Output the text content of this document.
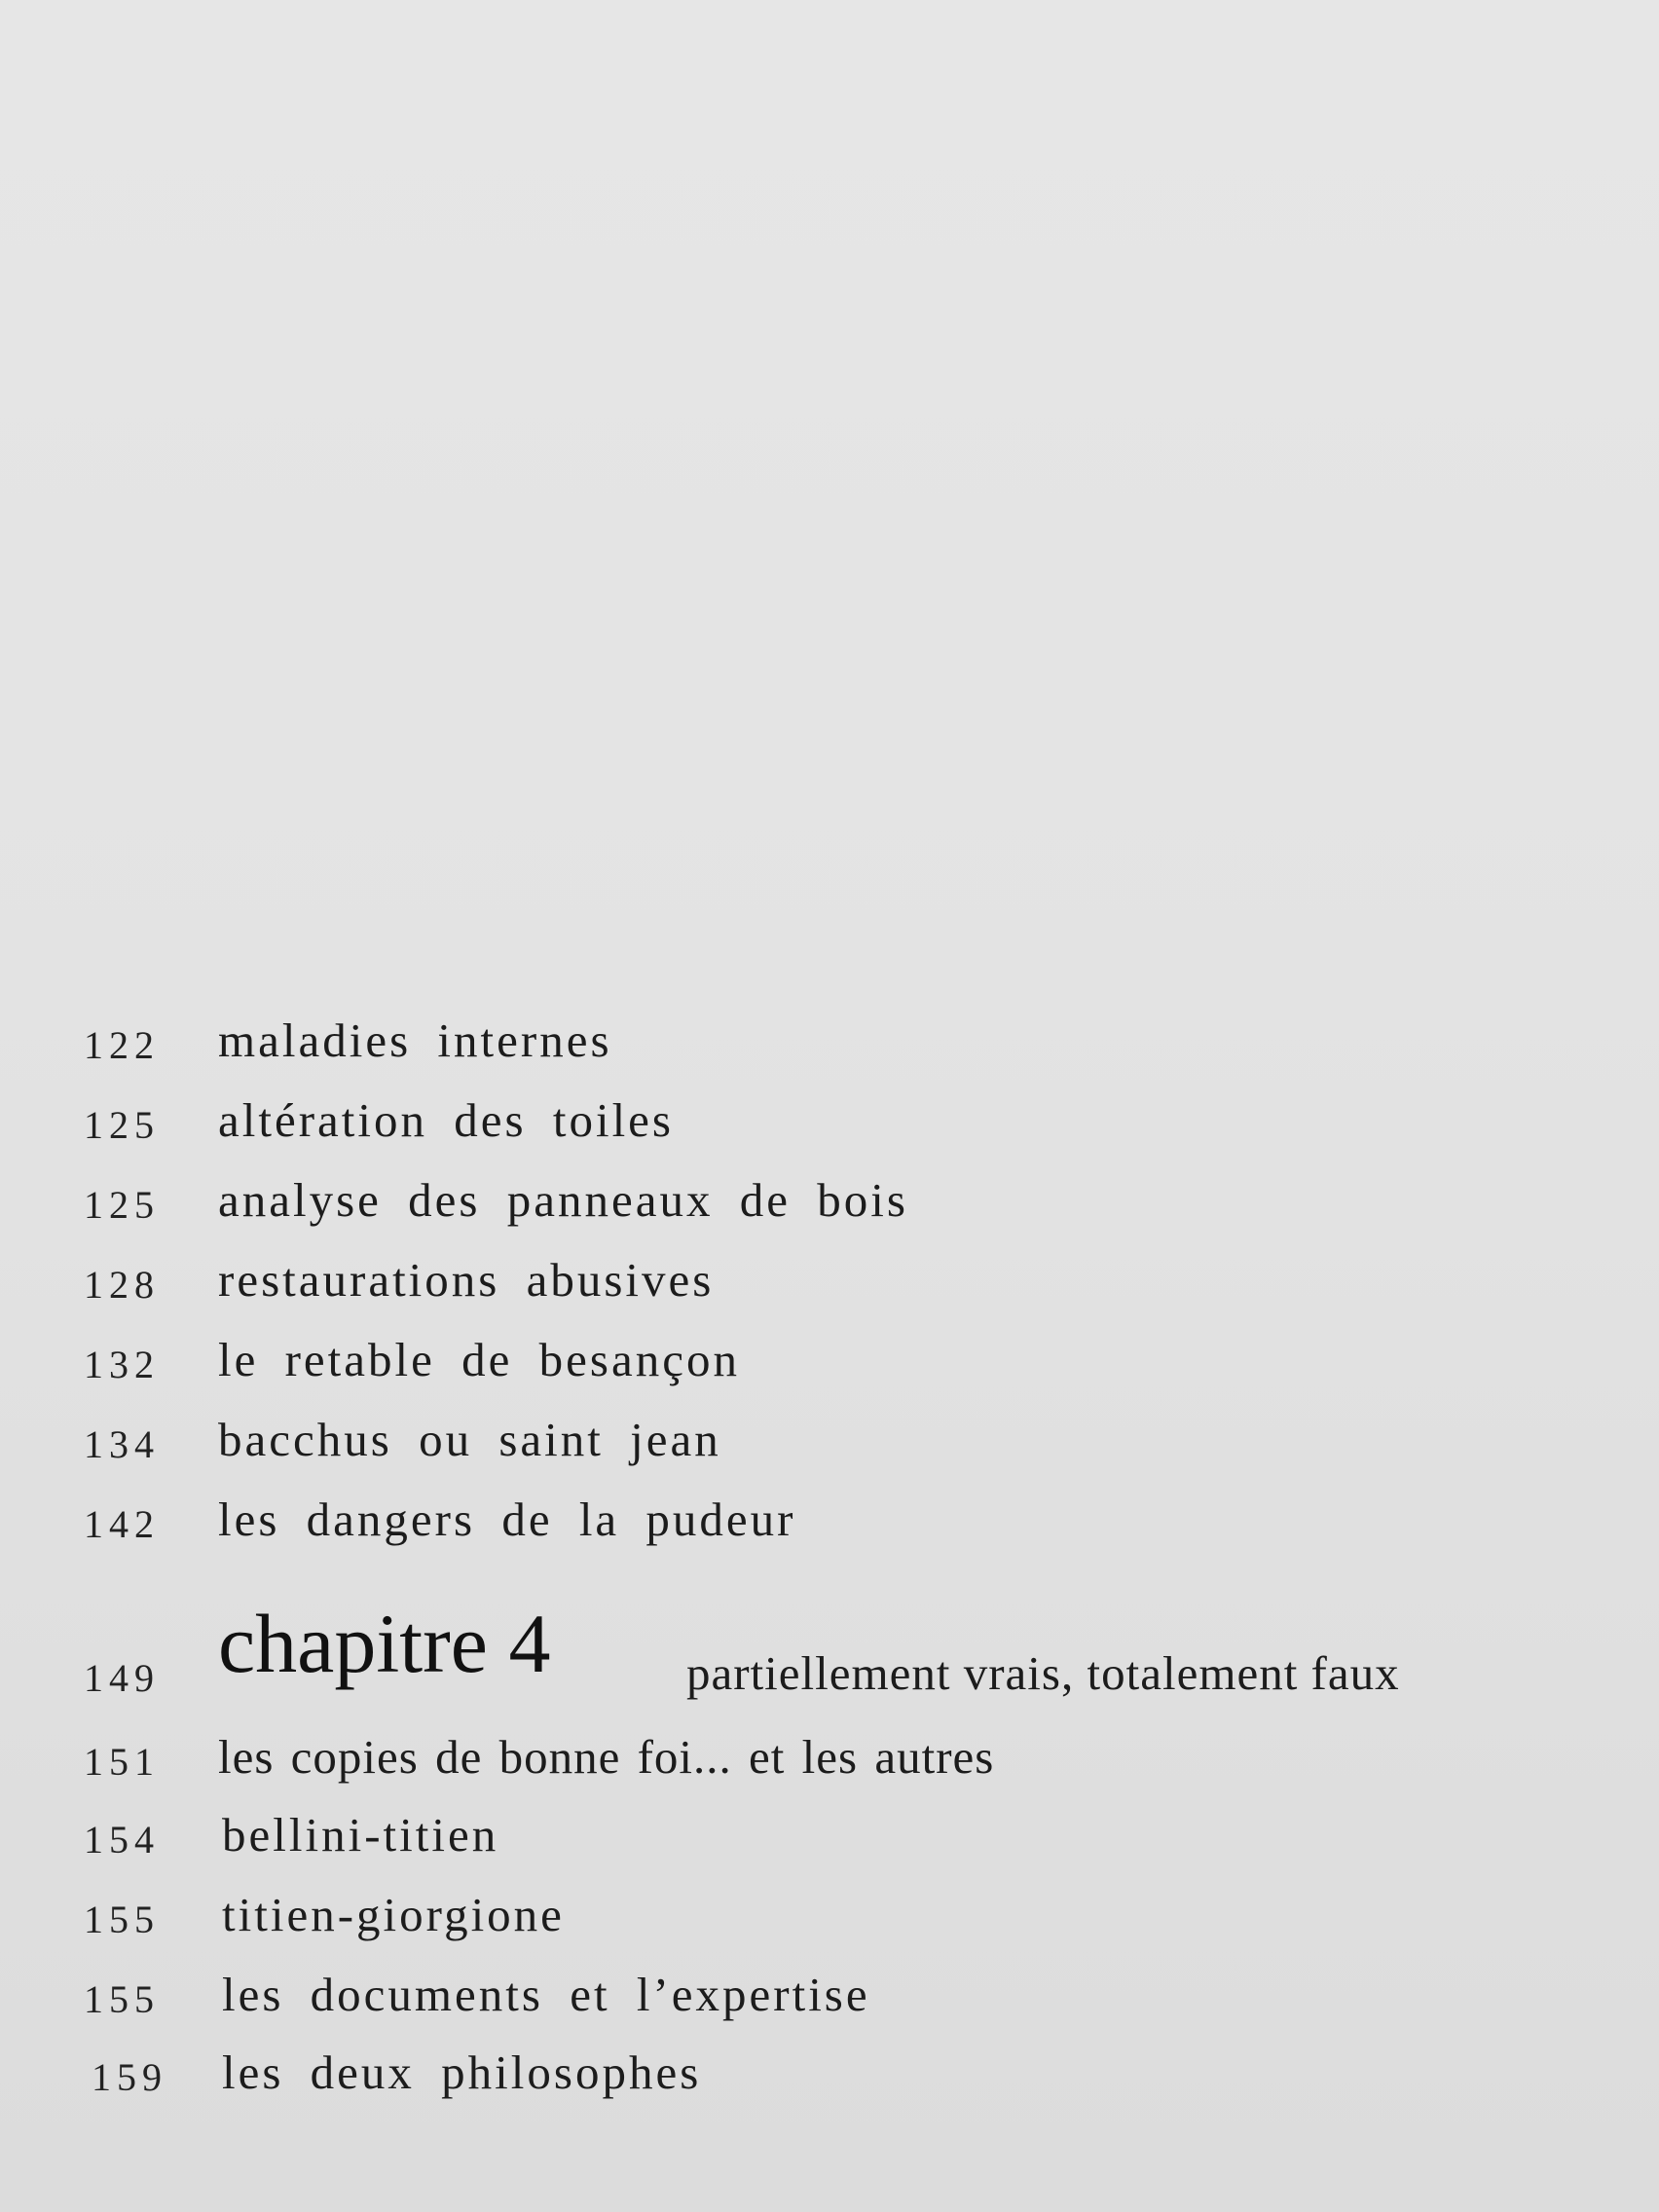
122 maladies internes
125 altération des toiles
125 analyse des panneaux de bois
128 restaurations abusives
132 le retable de besançon
134 bacchus ou saint jean
142 les dangers de la pudeur
149 chapitre 4	partiellement vrais, totalement faux
151 les copies de bonne foi... et les autres
154 bellini-titien
155 titien-giorgione
155 les documents et l’expertise
159 les deux philosophes
